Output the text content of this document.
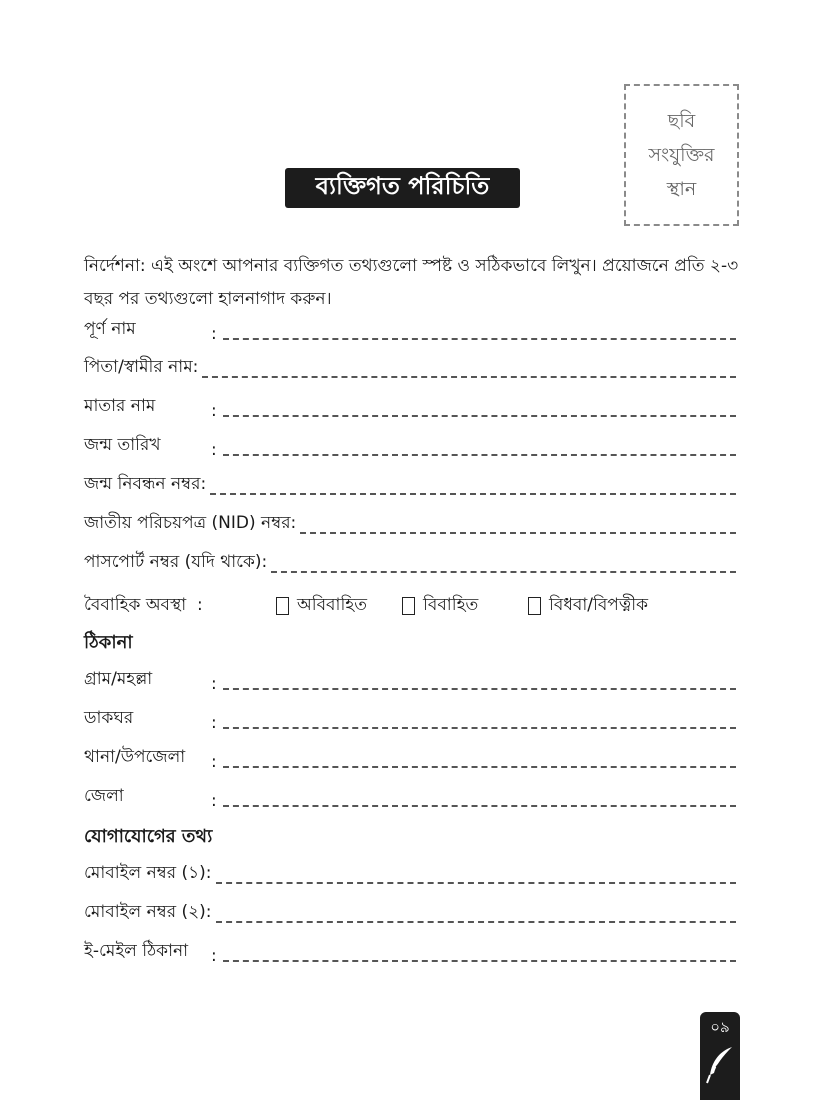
ছবি
সংযুক্তির
স্থান
ব্যক্তিগত পরিচিতি
নির্দেশনা: এই অংশে আপনার ব্যক্তিগত তথ্যগুলো স্পষ্ট ও সঠিকভাবে লিখুন। প্রয়োজনে প্রতি ২-৩ বছর পর তথ্যগুলো হালনাগাদ করুন।
পূর্ণ নাম	:
পিতা/স্বামীর নাম:
মাতার নাম	:
জন্ম তারিখ	:
জন্ম নিবন্ধন নম্বর:
জাতীয় পরিচয়পত্র (NID) নম্বর:
পাসপোর্ট নম্বর (যদি থাকে):
বৈবাহিক অবস্থা :	অবিবাহিত	বিবাহিত	বিধবা/বিপত্নীক
ঠিকানা
গ্রাম/মহল্লা	:
ডাকঘর	:
থানা/উপজেলা	:
জেলা	:
যোগাযোগের তথ্য
মোবাইল নম্বর (১):
মোবাইল নম্বর (২):
ই-মেইল ঠিকানা	:
০৯
